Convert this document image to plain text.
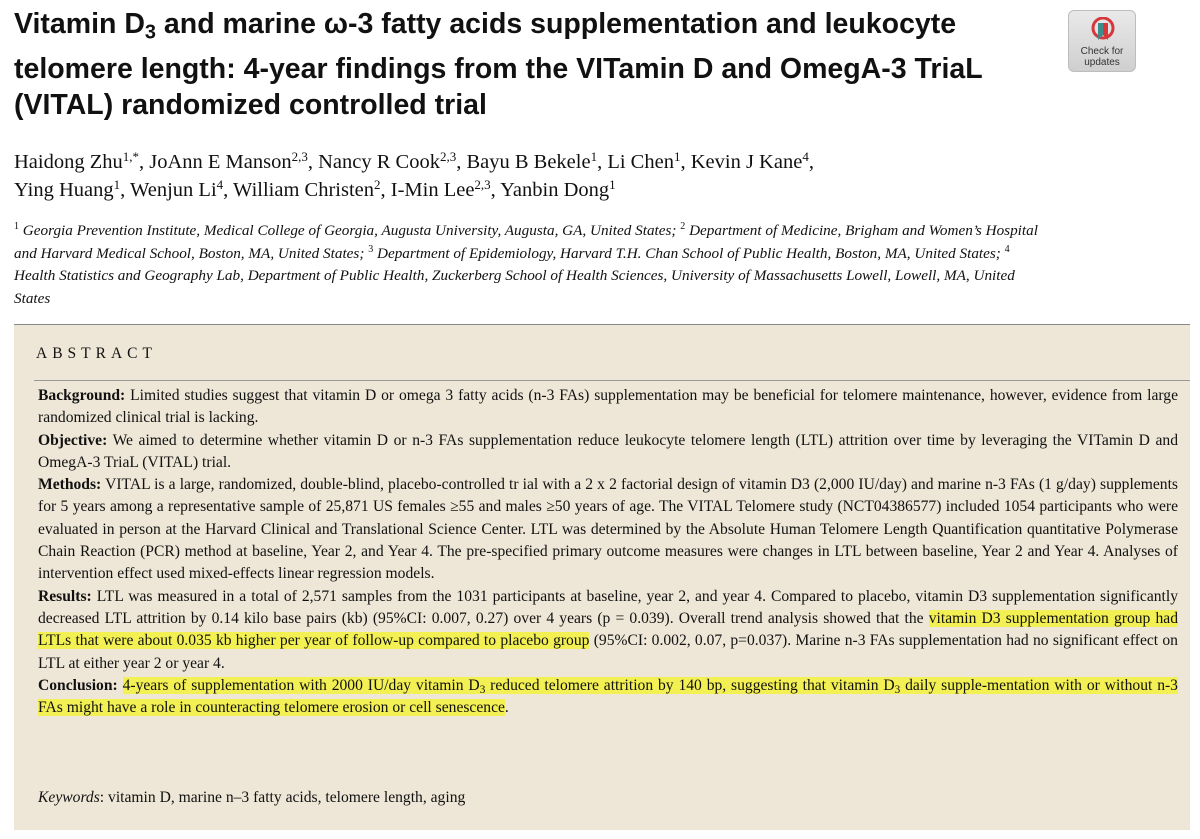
Vitamin $D_3$ and marine ω-3 fatty acids supplementation and leukocyte telomere length: 4-year findings from the VITamin D and OmegA-3 TriaL (VITAL) randomized controlled trial
Check for
updates
Haidong Zhu$^{1,*}$, JoAnn E Manson$^{2,3}$, Nancy R Cook$^{2,3}$, Bayu B Bekele$^1$, Li Chen$^1$, Kevin J Kane$^4$,
Ying Huang$^1$, Wenjun Li$^4$, William Christen$^2$, I-Min Lee$^{2,3}$, Yanbin Dong$^1$
$^1$ Georgia Prevention Institute, Medical College of Georgia, Augusta University, Augusta, GA, United States; $^2$ Department of Medicine, Brigham and Women’s Hospital and Harvard Medical School, Boston, MA, United States; $^3$ Department of Epidemiology, Harvard T.H. Chan School of Public Health, Boston, MA, United States; $^4$ Health Statistics and Geography Lab, Department of Public Health, Zuckerberg School of Health Sciences, University of Massachusetts Lowell, Lowell, MA, United States
ABSTRACT

Background: Limited studies suggest that vitamin D or omega 3 fatty acids (n-3 FAs) supplementation may be beneficial for telomere maintenance, however, evidence from large randomized clinical trial is lacking.

Objective: We aimed to determine whether vitamin D or n-3 FAs supplementation reduce leukocyte telomere length (LTL) attrition over time by leveraging the VITamin D and OmegA-3 TriaL (VITAL) trial.

Methods: VITAL is a large, randomized, double-blind, placebo-controlled tr ial with a 2 x 2 factorial design of vitamin D3 (2,000 IU/day) and marine n-3 FAs (1 g/day) supplements for 5 years among a representative sample of 25,871 US females ≥55 and males ≥50 years of age. The VITAL Telomere study (NCT04386577) included 1054 participants who were evaluated in person at the Harvard Clinical and Translational Science Center. LTL was determined by the Absolute Human Telomere Length Quantification quantitative Polymerase Chain Reaction (PCR) method at baseline, Year 2, and Year 4. The pre-specified primary outcome measures were changes in LTL between baseline, Year 2 and Year 4. Analyses of intervention effect used mixed-effects linear regression models.

Results: LTL was measured in a total of 2,571 samples from the 1031 participants at baseline, year 2, and year 4. Compared to placebo, vitamin D3 supplementation significantly decreased LTL attrition by 0.14 kilo base pairs (kb) (95%CI: 0.007, 0.27) over 4 years (p = 0.039). Overall trend analysis showed that the vitamin D3 supplementation group had LTLs that were about 0.035 kb higher per year of follow-up compared to placebo group (95%CI: 0.002, 0.07, p=0.037). Marine n-3 FAs supplementation had no significant effect on LTL at either year 2 or year 4.

Conclusion: 4-years of supplementation with 2000 IU/day vitamin D3 reduced telomere attrition by 140 bp, suggesting that vitamin D3 daily supple-mentation with or without n-3 FAs might have a role in counteracting telomere erosion or cell senescence.

Keywords: vitamin D, marine n–3 fatty acids, telomere length, aging
